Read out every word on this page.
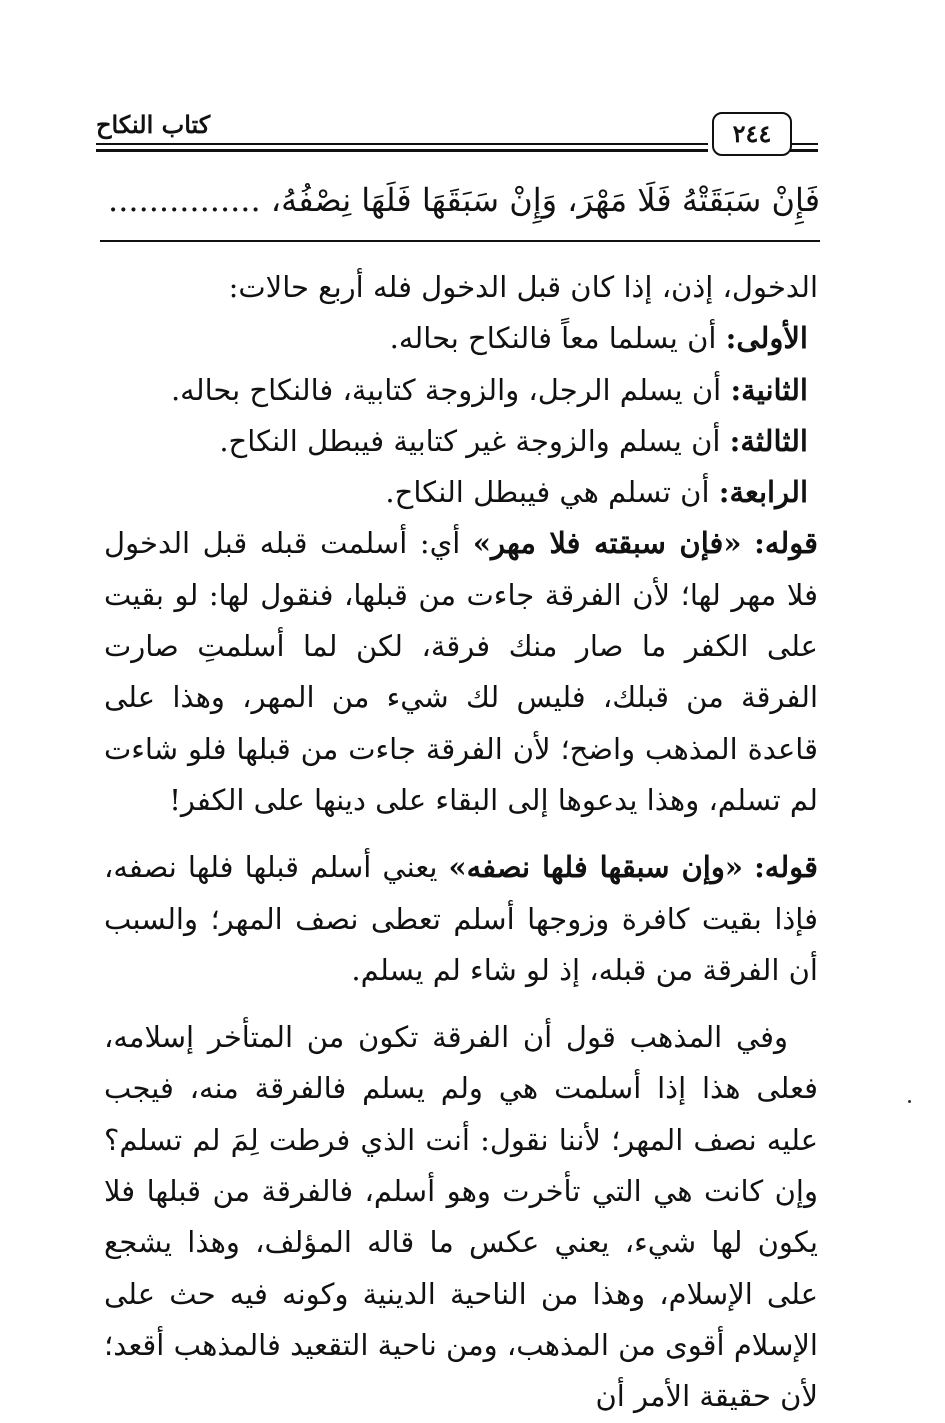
كتاب النكاح	٢٤٤
فَإِنْ سَبَقَتْهُ فَلَا مَهْرَ، وَإِنْ سَبَقَهَا فَلَهَا نِصْفُهُ، ...............

الدخول، إذن، إذا كان قبل الدخول فله أربع حالات:

الأولى: أن يسلما معاً فالنكاح بحاله.

الثانية: أن يسلم الرجل، والزوجة كتابية، فالنكاح بحاله.

الثالثة: أن يسلم والزوجة غير كتابية فيبطل النكاح.

الرابعة: أن تسلم هي فيبطل النكاح.

قوله: «فإن سبقته فلا مهر» أي: أسلمت قبله قبل الدخول فلا مهر لها؛ لأن الفرقة جاءت من قبلها، فنقول لها: لو بقيت على الكفر ما صار منك فرقة، لكن لما أسلمتِ صارت الفرقة من قبلك، فليس لك شيء من المهر، وهذا على قاعدة المذهب واضح؛ لأن الفرقة جاءت من قبلها فلو شاءت لم تسلم، وهذا يدعوها إلى البقاء على دينها على الكفر!

قوله: «وإن سبقها فلها نصفه» يعني أسلم قبلها فلها نصفه، فإذا بقيت كافرة وزوجها أسلم تعطى نصف المهر؛ والسبب أن الفرقة من قبله، إذ لو شاء لم يسلم.

وفي المذهب قول أن الفرقة تكون من المتأخر إسلامه، فعلى هذا إذا أسلمت هي ولم يسلم فالفرقة منه، فيجب عليه نصف المهر؛ لأننا نقول: أنت الذي فرطت لِمَ لم تسلم؟ وإن كانت هي التي تأخرت وهو أسلم، فالفرقة من قبلها فلا يكون لها شيء، يعني عكس ما قاله المؤلف، وهذا يشجع على الإسلام، وهذا من الناحية الدينية وكونه فيه حث على الإسلام أقوى من المذهب، ومن ناحية التقعيد فالمذهب أقعد؛ لأن حقيقة الأمر أن
